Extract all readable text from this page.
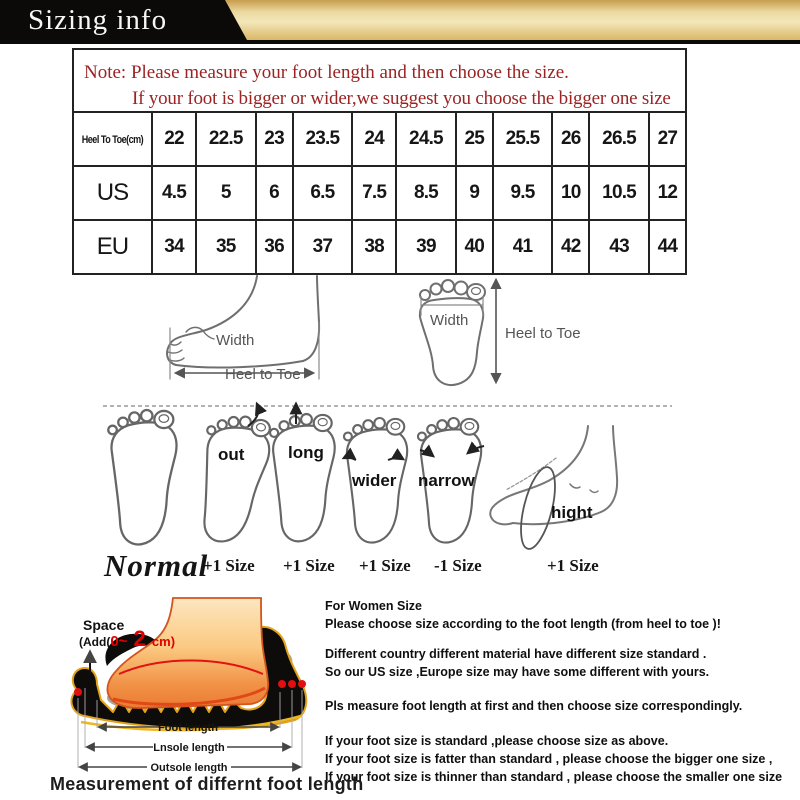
Sizing info
Note: Please measure your foot length and then choose the size.
If your foot is bigger or wider,we suggest you choose the bigger one size
Heel To Toe(cm)	22	22.5	23	23.5	24	24.5	25	25.5	26	26.5	27
US	4.5	5	6	6.5	7.5	8.5	9	9.5	10	10.5	12
EU	34	35	36	37	38	39	40	41	42	43	44
Width
Heel to Toe
Width
Heel to Toe
out	long
wider narrow
hight
Normal
+1 Size +1 Size +1 Size -1 Size	+1 Size
Space
(Add(0~ 2 cm)
Foot length
Lnsole length
Outsole length
For Women Size
Please choose size according to the foot length (from heel to toe )!
Different country different material have different size standard .
So our US size ,Europe size may have some different with yours.
Pls measure foot length at first and then choose size correspondingly.
If your foot size is standard ,please choose size as above.
If your foot size is fatter than standard , please choose the bigger one size ,
If your foot size is thinner than standard , please choose the smaller one size
Measurement of differnt foot length
